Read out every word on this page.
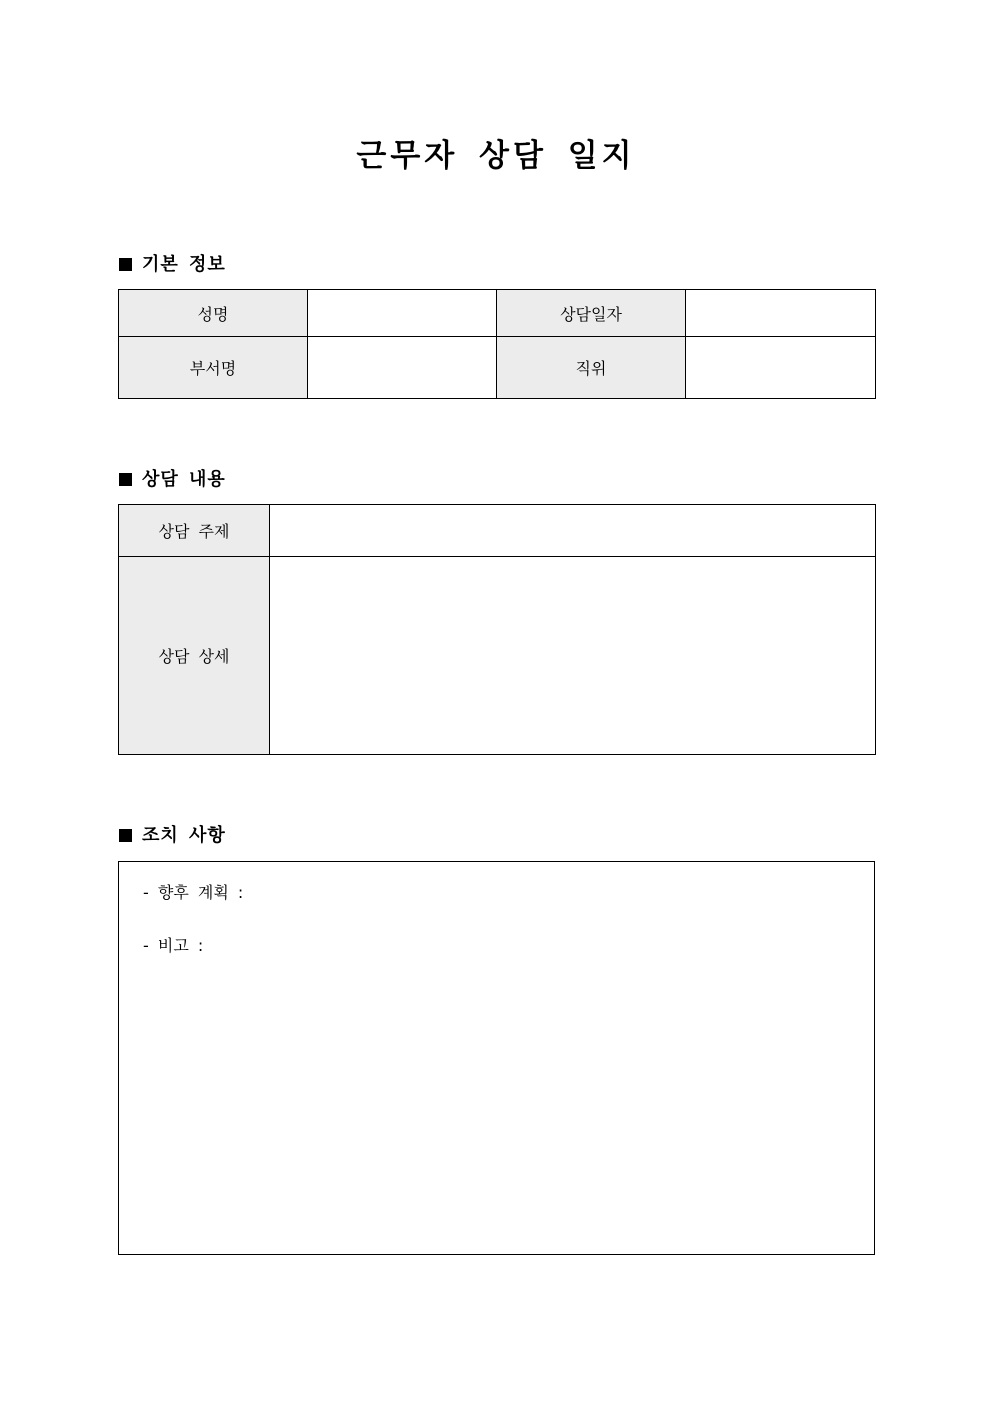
근무자 상담 일지
기본 정보
성명		상담일자	
부서명		직위	
상담 내용
상담 주제	
상담 상세	
조치 사항
- 향후 계획 :
- 비고 :
